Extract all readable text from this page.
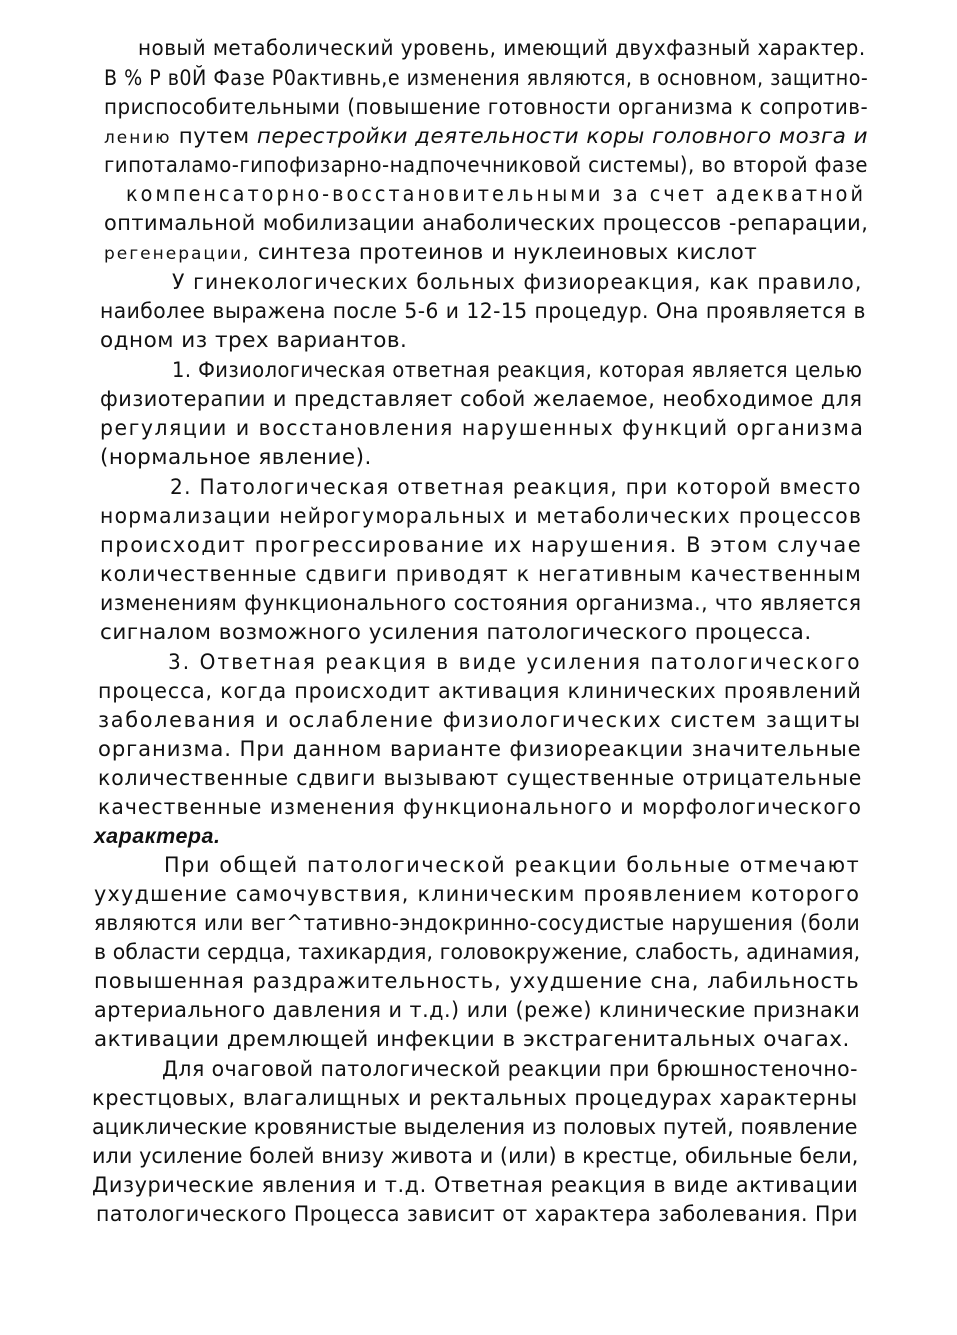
новый метаболический уровень, имеющий двухфазный характер.
В % Р в0Й Фазе Р0активнь,е изменения являются, в основном, защитно-
приспособительными (повышение готовности организма к сопротив-
лению путем перестройки деятельности коры головного мозга и
гипоталамо-гипофизарно-надпочечниковой системы), во второй фазе
компенсаторно-восстановительными за счет адекватной
оптимальной мобилизации анаболических процессов -репарации,
регенерации, синтеза протеинов и нуклеиновых кислот
У гинекологических больных физиореакция, как правило,
наиболее выражена после 5-6 и 12-15 процедур. Она проявляется в
одном из трех вариантов.
1. Физиологическая ответная реакция, которая является целью
физиотерапии и представляет собой желаемое, необходимое для
регуляции и восстановления нарушенных функций организма
(нормальное явление).
2. Патологическая ответная реакция, при которой вместо
нормализации нейрогуморальных и метаболических процессов
происходит прогрессирование их нарушения. В этом случае
количественные сдвиги приводят к негативным качественным
изменениям функционального состояния организма., что является
сигналом возможного усиления патологического процесса.
3. Ответная реакция в виде усиления патологического
процесса, когда происходит активация клинических проявлений
заболевания и ослабление физиологических систем защиты
организма. При данном варианте физиореакции значительные
количественные сдвиги вызывают существенные отрицательные
качественные изменения функционального и морфологического
характера.
При общей патологической реакции больные отмечают
ухудшение самочувствия, клиническим проявлением которого
являются или вег^тативно-эндокринно-сосудистые нарушения (боли
в области сердца, тахикардия, головокружение, слабость, адинамия,
повышенная раздражительность, ухудшение сна, лабильность
артериального давления и т.д.) или (реже) клинические признаки
активации дремлющей инфекции в экстрагенитальных очагах.
Для очаговой патологической реакции при брюшностеночно-
крестцовых, влагалищных и ректальных процедурах характерны
ациклические кровянистые выделения из половых путей, появление
или усиление болей внизу живота и (или) в крестце, обильные бели,
Дизурические явления и т.д. Ответная реакция в виде активации
патологического Процесса зависит от характера заболевания. При
